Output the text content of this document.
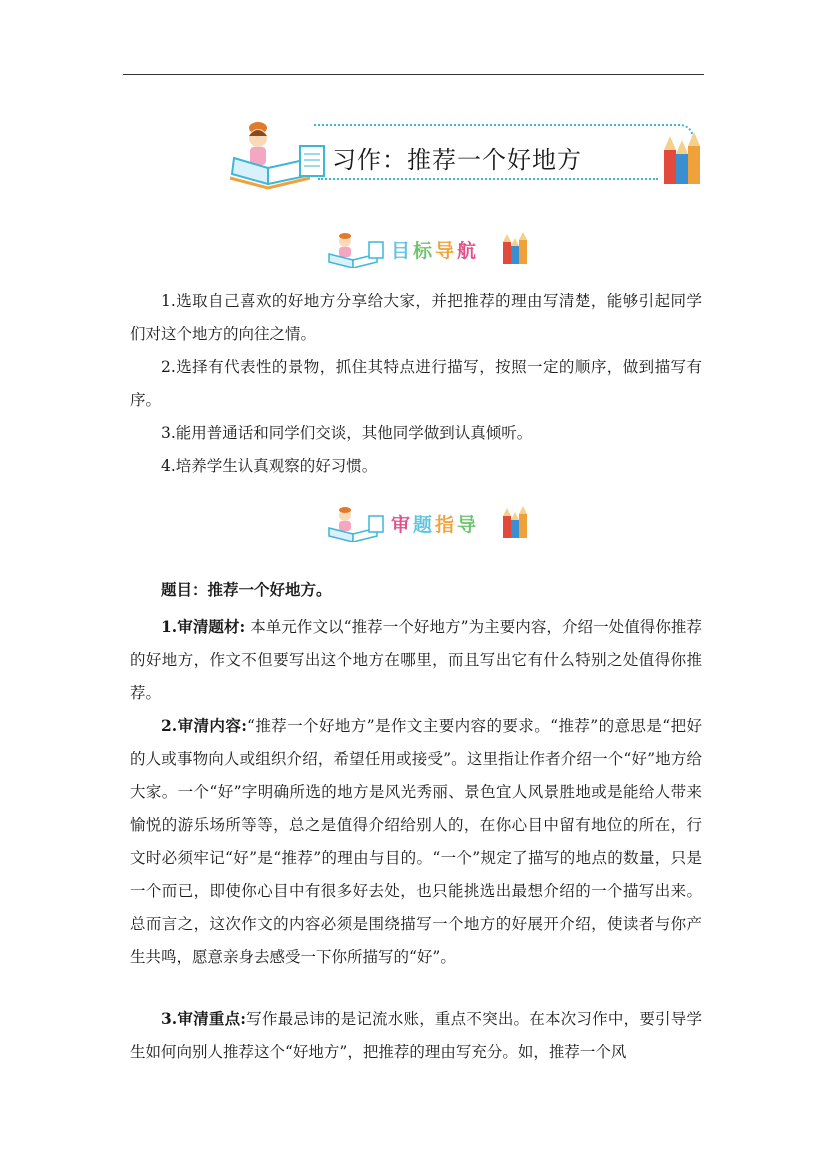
习作：推荐一个好地方
目标导航

1.选取自己喜欢的好地方分享给大家，并把推荐的理由写清楚，能够引起同学们对这个地方的向往之情。

2.选择有代表性的景物，抓住其特点进行描写，按照一定的顺序，做到描写有序。

3.能用普通话和同学们交谈，其他同学做到认真倾听。

4.培养学生认真观察的好习惯。

审题指导

题目：推荐一个好地方。

1.审清题材: 本单元作文以“推荐一个好地方”为主要内容，介绍一处值得你推荐的好地方，作文不但要写出这个地方在哪里，而且写出它有什么特别之处值得你推荐。

2.审清内容:“推荐一个好地方”是作文主要内容的要求。“推荐”的意思是“把好的人或事物向人或组织介绍，希望任用或接受”。这里指让作者介绍一个“好”地方给大家。一个“好”字明确所选的地方是风光秀丽、景色宜人风景胜地或是能给人带来愉悦的游乐场所等等，总之是值得介绍给别人的，在你心目中留有地位的所在，行文时必须牢记“好”是“推荐”的理由与目的。“一个”规定了描写的地点的数量，只是一个而已，即使你心目中有很多好去处，也只能挑选出最想介绍的一个描写出来。总而言之，这次作文的内容必须是围绕描写一个地方的好展开介绍，使读者与你产生共鸣，愿意亲身去感受一下你所描写的“好”。

3.审清重点:写作最忌讳的是记流水账，重点不突出。在本次习作中，要引导学生如何向别人推荐这个“好地方”，把推荐的理由写充分。如，推荐一个风
